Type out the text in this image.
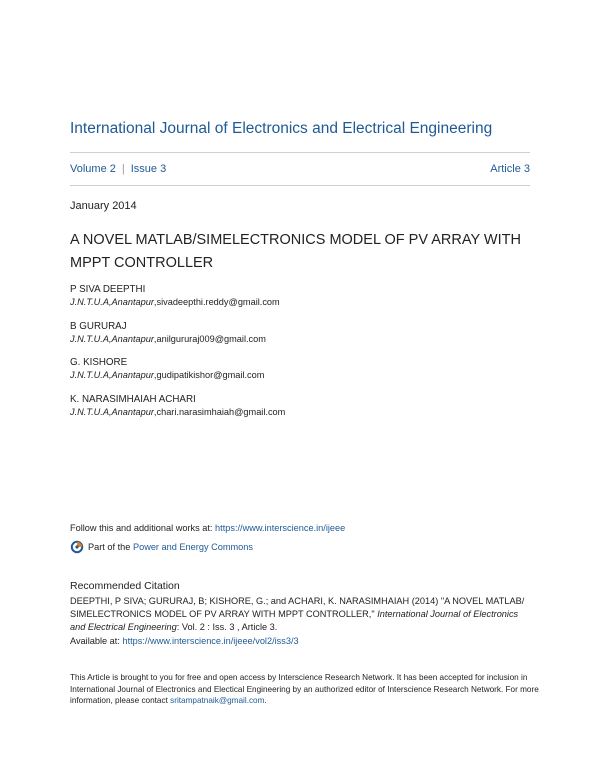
International Journal of Electronics and Electrical Engineering
Volume 2 | Issue 3	Article 3
January 2014
A NOVEL MATLAB/SIMELECTRONICS MODEL OF PV ARRAY WITH MPPT CONTROLLER
P SIVA DEEPTHI
J.N.T.U.A,Anantapur,sivadeepthi.reddy@gmail.com
B GURURAJ
J.N.T.U.A,Anantapur,anilgururaj009@gmail.com
G. KISHORE
J.N.T.U.A,Anantapur,gudipatikishor@gmail.com
K. NARASIMHAIAH ACHARI
J.N.T.U.A,Anantapur,chari.narasimhaiah@gmail.com
Follow this and additional works at: https://www.interscience.in/ijeee
Part of the
Power and Energy Commons
Recommended Citation
DEEPTHI, P SIVA; GURURAJ, B; KISHORE, G.; and ACHARI, K. NARASIMHAIAH (2014) "A NOVEL MATLAB/ SIMELECTRONICS MODEL OF PV ARRAY WITH MPPT CONTROLLER," International Journal of Electronics and Electrical Engineering: Vol. 2 : Iss. 3 , Article 3.
Available at: https://www.interscience.in/ijeee/vol2/iss3/3
This Article is brought to you for free and open access by Interscience Research Network. It has been accepted for inclusion in International Journal of Electronics and Electical Engineering by an authorized editor of Interscience Research Network. For more information, please contact sritampatnaik@gmail.com.
